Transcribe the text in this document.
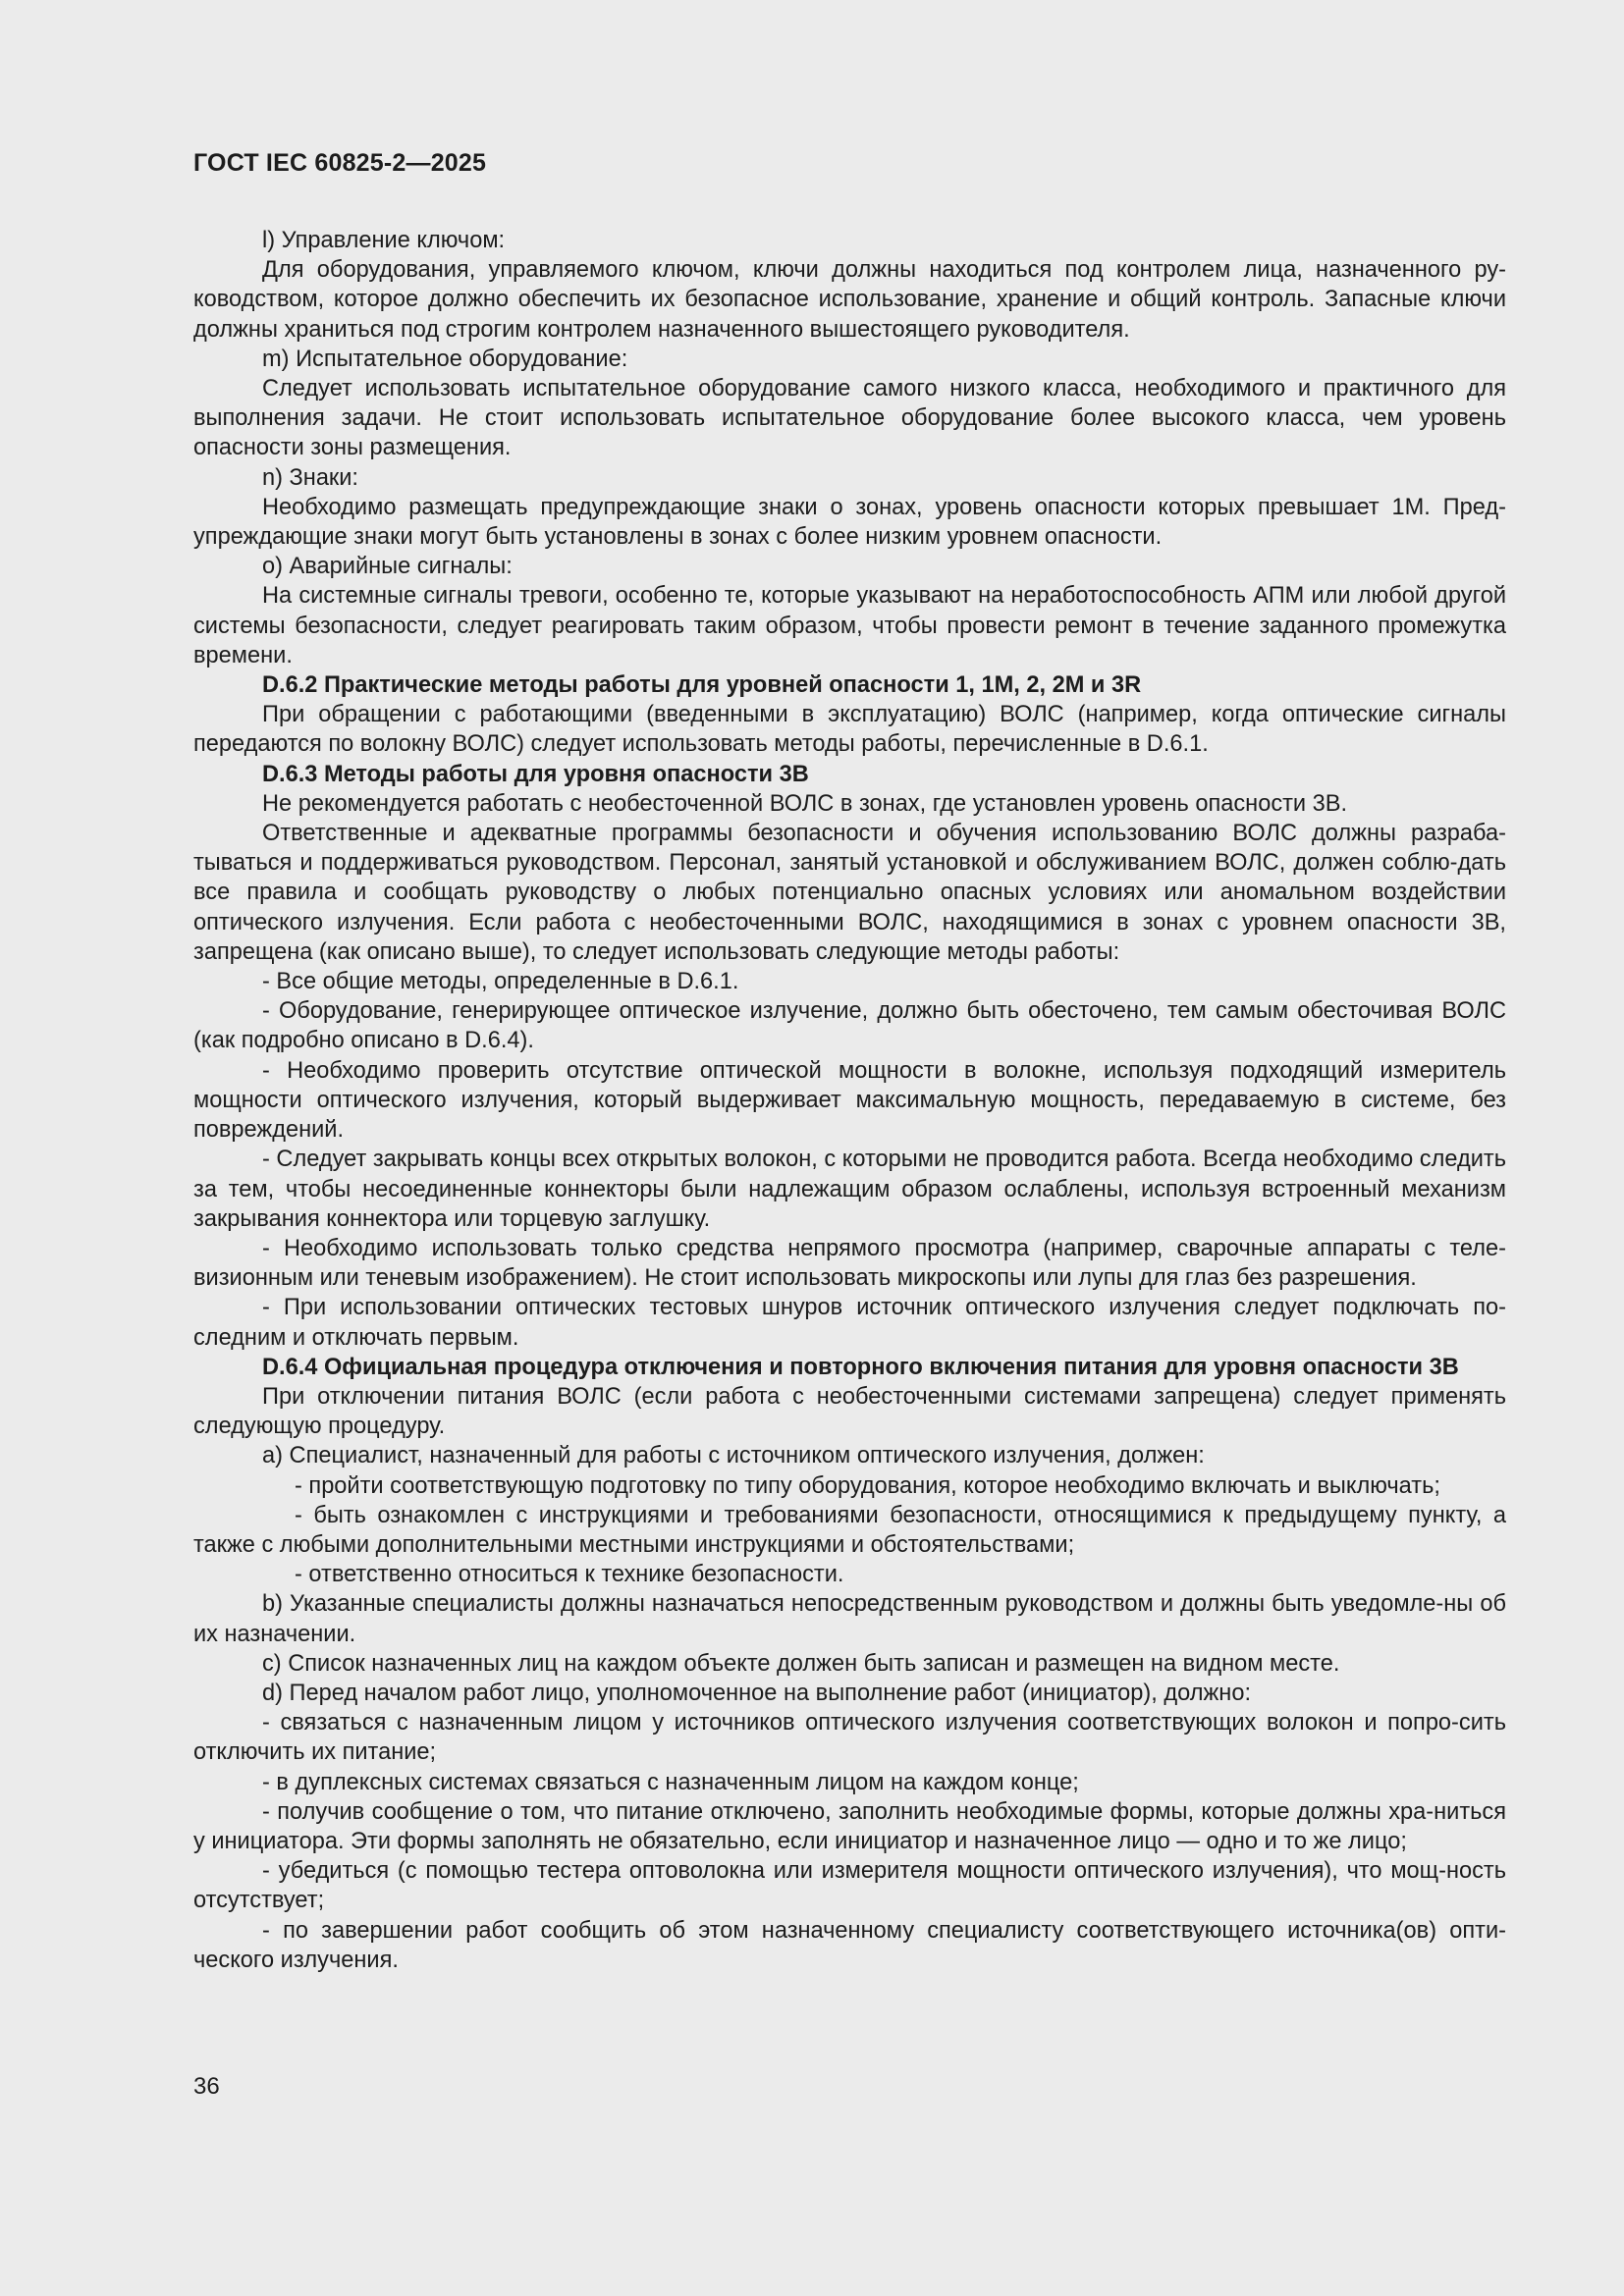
ГОСТ IEC 60825-2—2025

l) Управление ключом:

Для оборудования, управляемого ключом, ключи должны находиться под контролем лица, назначенного ру-ководством, которое должно обеспечить их безопасное использование, хранение и общий контроль. Запасные ключи должны храниться под строгим контролем назначенного вышестоящего руководителя.

m) Испытательное оборудование:

Следует использовать испытательное оборудование самого низкого класса, необходимого и практичного для выполнения задачи. Не стоит использовать испытательное оборудование более высокого класса, чем уровень опасности зоны размещения.

n) Знаки:

Необходимо размещать предупреждающие знаки о зонах, уровень опасности которых превышает 1М. Пред-упреждающие знаки могут быть установлены в зонах с более низким уровнем опасности.

o) Аварийные сигналы:

На системные сигналы тревоги, особенно те, которые указывают на неработоспособность АПМ или любой другой системы безопасности, следует реагировать таким образом, чтобы провести ремонт в течение заданного промежутка времени.

D.6.2 Практические методы работы для уровней опасности 1, 1М, 2, 2М и 3R

При обращении с работающими (введенными в эксплуатацию) ВОЛС (например, когда оптические сигналы передаются по волокну ВОЛС) следует использовать методы работы, перечисленные в D.6.1.

D.6.3 Методы работы для уровня опасности 3B

Не рекомендуется работать с необесточенной ВОЛС в зонах, где установлен уровень опасности 3B.

Ответственные и адекватные программы безопасности и обучения использованию ВОЛС должны разраба-тываться и поддерживаться руководством. Персонал, занятый установкой и обслуживанием ВОЛС, должен соблю-дать все правила и сообщать руководству о любых потенциально опасных условиях или аномальном воздействии оптического излучения. Если работа с необесточенными ВОЛС, находящимися в зонах с уровнем опасности 3B, запрещена (как описано выше), то следует использовать следующие методы работы:

- Все общие методы, определенные в D.6.1.

- Оборудование, генерирующее оптическое излучение, должно быть обесточено, тем самым обесточивая ВОЛС (как подробно описано в D.6.4).

- Необходимо проверить отсутствие оптической мощности в волокне, используя подходящий измеритель мощности оптического излучения, который выдерживает максимальную мощность, передаваемую в системе, без повреждений.

- Следует закрывать концы всех открытых волокон, с которыми не проводится работа. Всегда необходимо следить за тем, чтобы несоединенные коннекторы были надлежащим образом ослаблены, используя встроенный механизм закрывания коннектора или торцевую заглушку.

- Необходимо использовать только средства непрямого просмотра (например, сварочные аппараты с теле-визионным или теневым изображением). Не стоит использовать микроскопы или лупы для глаз без разрешения.

- При использовании оптических тестовых шнуров источник оптического излучения следует подключать по-следним и отключать первым.

D.6.4 Официальная процедура отключения и повторного включения питания для уровня опасности 3B

При отключении питания ВОЛС (если работа с необесточенными системами запрещена) следует применять следующую процедуру.

a) Специалист, назначенный для работы с источником оптического излучения, должен:

- пройти соответствующую подготовку по типу оборудования, которое необходимо включать и выключать;

- быть ознакомлен с инструкциями и требованиями безопасности, относящимися к предыдущему пункту, а также с любыми дополнительными местными инструкциями и обстоятельствами;

- ответственно относиться к технике безопасности.

b) Указанные специалисты должны назначаться непосредственным руководством и должны быть уведомле-ны об их назначении.

c) Список назначенных лиц на каждом объекте должен быть записан и размещен на видном месте.

d) Перед началом работ лицо, уполномоченное на выполнение работ (инициатор), должно:

- связаться с назначенным лицом у источников оптического излучения соответствующих волокон и попро-сить отключить их питание;

- в дуплексных системах связаться с назначенным лицом на каждом конце;

- получив сообщение о том, что питание отключено, заполнить необходимые формы, которые должны хра-ниться у инициатора. Эти формы заполнять не обязательно, если инициатор и назначенное лицо — одно и то же лицо;

- убедиться (с помощью тестера оптоволокна или измерителя мощности оптического излучения), что мощ-ность отсутствует;

- по завершении работ сообщить об этом назначенному специалисту соответствующего источника(ов) опти-ческого излучения.

36
